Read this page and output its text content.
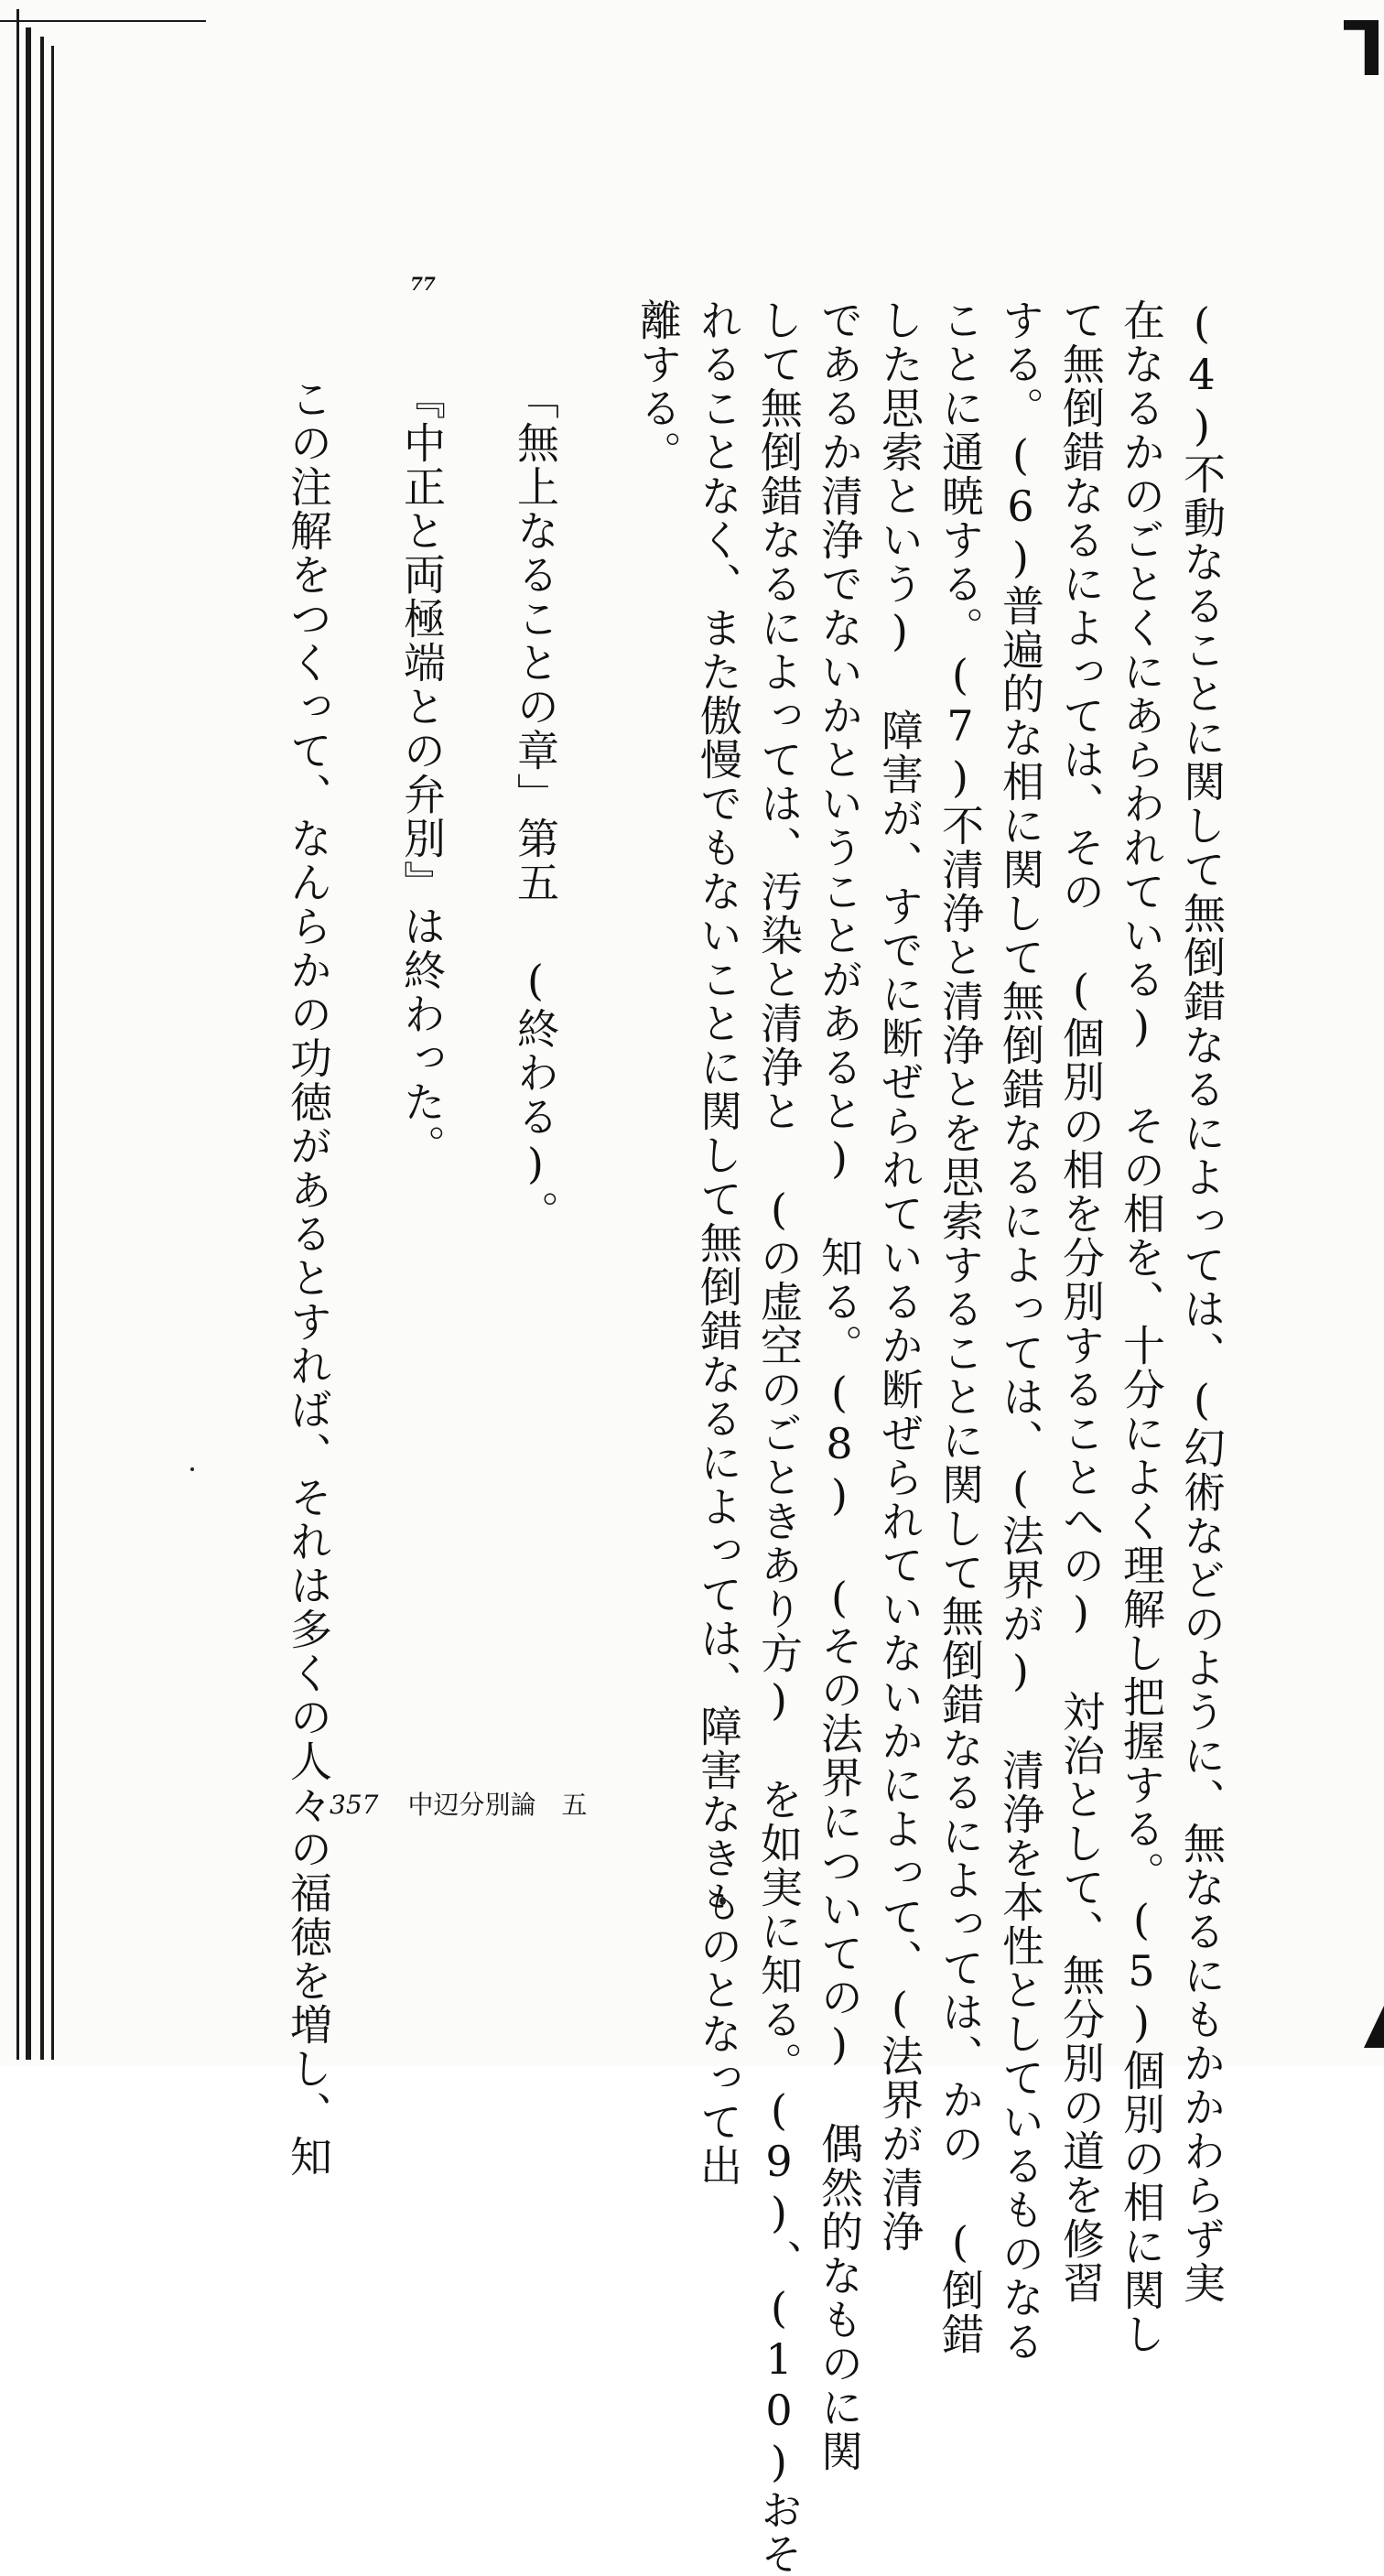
(4)不動なることに関して無倒錯なるによっては、(幻術などのように、無なるにもかかわらず実
在なるかのごとくにあらわれている) その相を、十分によく理解し把握する。(5)個別の相に関し
て無倒錯なるによっては、その (個別の相を分別することへの) 対治として、無分別の道を修習
する。(6)普遍的な相に関して無倒錯なるによっては、(法界が) 清浄を本性としているものなる
ことに通暁する。(7)不清浄と清浄とを思索することに関して無倒錯なるによっては、かの (倒錯
した思索という) 障害が、すでに断ぜられているか断ぜられていないかによって、(法界が清浄
であるか清浄でないかということがあると) 知る。(8) (その法界についての) 偶然的なものに関
して無倒錯なるによっては、汚染と清浄と (の虚空のごときあり方) を如実に知る。(9)、(10)おそ
れることなく、また傲慢でもないことに関して無倒錯なるによっては、障害なきものとなって出
離する。
「無上なることの章」第五 (終わる)。
77
『中正と両極端との弁別』は終わった。
この注解をつくって、なんらかの功徳があるとすれば、それは多くの人々の福徳を増し、知
357 中辺分別論　五
